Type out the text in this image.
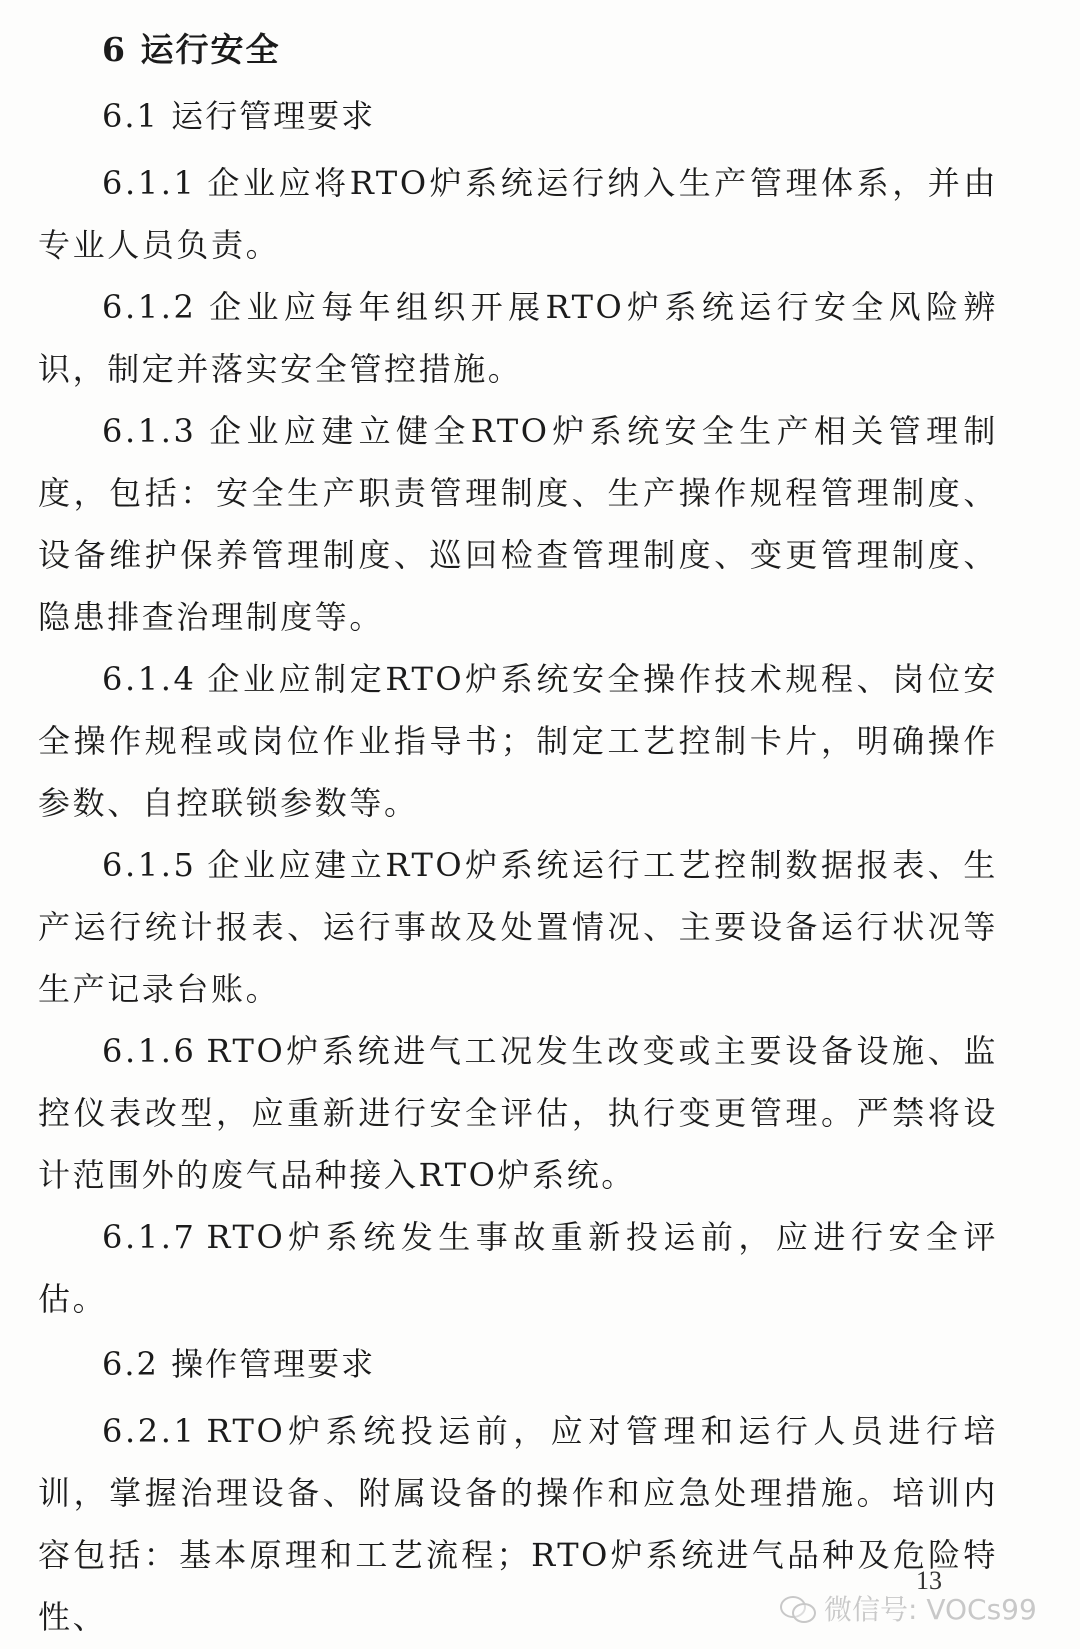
6 运行安全
6.1 运行管理要求
6.1.1 企业应将RTO炉系统运行纳入生产管理体系，并由专业人员负责。
6.1.2 企业应每年组织开展RTO炉系统运行安全风险辨识，制定并落实安全管控措施。
6.1.3 企业应建立健全RTO炉系统安全生产相关管理制度，包括：安全生产职责管理制度、生产操作规程管理制度、设备维护保养管理制度、巡回检查管理制度、变更管理制度、隐患排查治理制度等。
6.1.4 企业应制定RTO炉系统安全操作技术规程、岗位安全操作规程或岗位作业指导书；制定工艺控制卡片，明确操作参数、自控联锁参数等。
6.1.5 企业应建立RTO炉系统运行工艺控制数据报表、生产运行统计报表、运行事故及处置情况、主要设备运行状况等生产记录台账。
6.1.6 RTO炉系统进气工况发生改变或主要设备设施、监控仪表改型，应重新进行安全评估，执行变更管理。严禁将设计范围外的废气品种接入RTO炉系统。
6.1.7 RTO炉系统发生事故重新投运前，应进行安全评估。
6.2 操作管理要求
6.2.1 RTO炉系统投运前，应对管理和运行人员进行培训，掌握治理设备、附属设备的操作和应急处理措施。培训内容包括：基本原理和工艺流程；RTO炉系统进气品种及危险特性、
13
微信号: VOCs99
